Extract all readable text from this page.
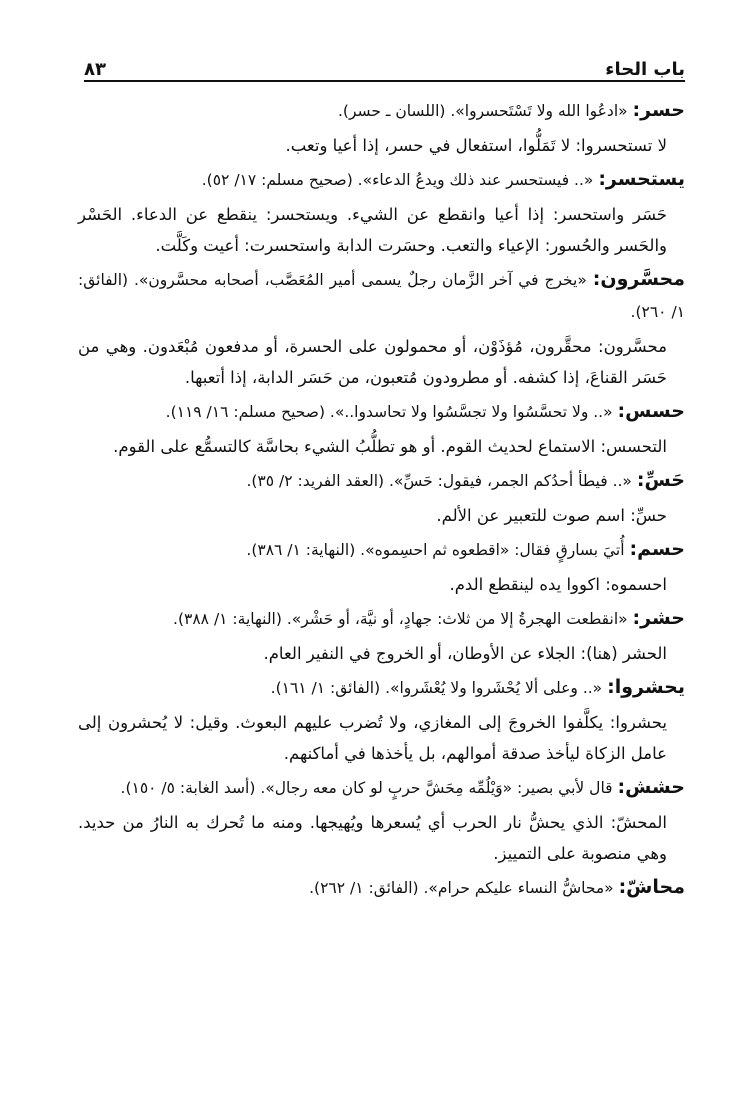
باب الحاء
٨٣

حسر: «ادعُوا الله ولا تَسْتَحسروا». (اللسان ـ حسر).

لا تستحسروا: لا تَمَلُّوا، استفعال في حسر، إذا أعيا وتعب.

يستحسر: «.. فيستحسر عند ذلك ويدعُ الدعاء». (صحيح مسلم: ١٧/ ٥٢).

حَسَر واستحسر: إذا أعيا وانقطع عن الشيء. ويستحسر: ينقطع عن الدعاء. الحَسْر والحَسر والحُسور: الإعياء والتعب. وحسَرت الدابة واستحسرت: أعيت وكَلَّت.

محسَّرون: «يخرج في آخر الزَّمان رجلٌ يسمى أمير المُعَصَّب، أصحابه محسَّرون». (الفائق: ١/ ٢٦٠).

محسَّرون: محقَّرون، مُؤذَوْن، أو محمولون على الحسرة، أو مدفعون مُبْعَدون. وهي من حَسَر القناعَ، إذا كشفه. أو مطرودون مُتعبون، من حَسَر الدابة، إذا أتعبها.

حسس: «.. ولا تحسَّسُوا ولا تجسَّسُوا ولا تحاسدوا..». (صحيح مسلم: ١٦/ ١١٩).

التحسس: الاستماع لحديث القوم. أو هو تطلُّبُ الشيء بحاسَّة كالتسمُّع على القوم.

حَسِّ: «.. فيطأ أحدُكم الجمر، فيقول: حَسِّ». (العقد الفريد: ٢/ ٣٥).

حسِّ: اسم صوت للتعبير عن الألم.

حسم: أُتيَ بسارقٍ فقال: «اقطعوه ثم احسِموه». (النهاية: ١/ ٣٨٦).

احسموه: اكووا يده لينقطع الدم.

حشر: «انقطعت الهجرةُ إلا من ثلاث: جهادٍ، أو نيَّة، أو حَشْر». (النهاية: ١/ ٣٨٨).

الحشر (هنا): الجلاء عن الأوطان، أو الخروج في النفير العام.

يحشروا: «.. وعلى ألا يُحْشَروا ولا يُعْشَروا». (الفائق: ١/ ١٦١).

يحشروا: يكلَّفوا الخروجَ إلى المغازي، ولا تُضرب عليهم البعوث. وقيل: لا يُحشرون إلى عامل الزكاة ليأخذ صدقة أموالهم، بل يأخذها في أماكنهم.

حشش: قال لأبي بصير: «وَيْلُمِّه مِحَشَّ حربٍ لو كان معه رجال». (أسد الغابة: ٥/ ١٥٠).

المحشّ: الذي يحشُّ نار الحرب أي يُسعرها ويُهيجها. ومنه ما تُحرك به النارُ من حديد. وهي منصوبة على التمييز.

محاشّ: «محاشُّ النساء عليكم حرام». (الفائق: ١/ ٢٦٢).
